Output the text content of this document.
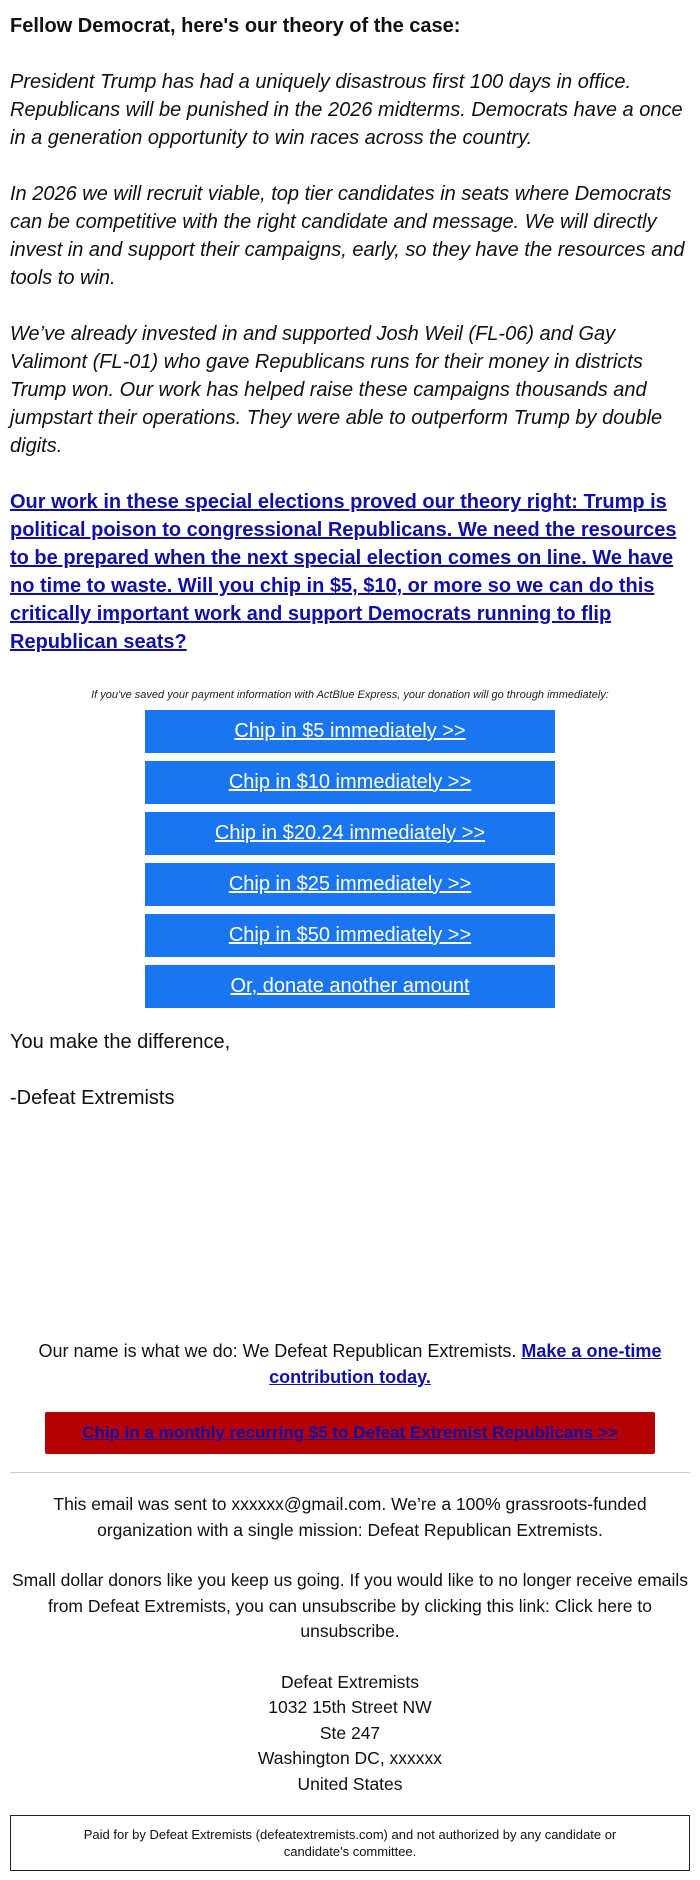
Fellow Democrat, here's our theory of the case:

President Trump has had a uniquely disastrous first 100 days in office. Republicans will be punished in the 2026 midterms. Democrats have a once in a generation opportunity to win races across the country.

In 2026 we will recruit viable, top tier candidates in seats where Democrats can be competitive with the right candidate and message. We will directly invest in and support their campaigns, early, so they have the resources and tools to win.

We’ve already invested in and supported Josh Weil (FL-06) and Gay Valimont (FL-01) who gave Republicans runs for their money in districts Trump won. Our work has helped raise these campaigns thousands and jumpstart their operations. They were able to outperform Trump by double digits.

Our work in these special elections proved our theory right: Trump is political poison to congressional Republicans. We need the resources to be prepared when the next special election comes on line. We have no time to waste. Will you chip in $5, $10, or more so we can do this critically important work and support Democrats running to flip Republican seats?
If you've saved your payment information with ActBlue Express, your donation will go through immediately:
Chip in $5 immediately >>
Chip in $10 immediately >>
Chip in $20.24 immediately >>
Chip in $25 immediately >>
Chip in $50 immediately >>
Or, donate another amount

You make the difference,

-Defeat Extremists

Our name is what we do: We Defeat Republican Extremists. Make a one-time contribution today.
Chip in a monthly recurring $5 to Defeat Extremist Republicans >>

This email was sent to xxxxxx@gmail.com. We’re a 100% grassroots-funded organization with a single mission: Defeat Republican Extremists.

Small dollar donors like you keep us going. If you would like to no longer receive emails from Defeat Extremists, you can unsubscribe by clicking this link: Click here to unsubscribe.

Defeat Extremists

1032 15th Street NW

Ste 247

Washington DC, xxxxxx

United States

Paid for by Defeat Extremists (defeatextremists.com) and not authorized by any candidate or candidate's committee.
